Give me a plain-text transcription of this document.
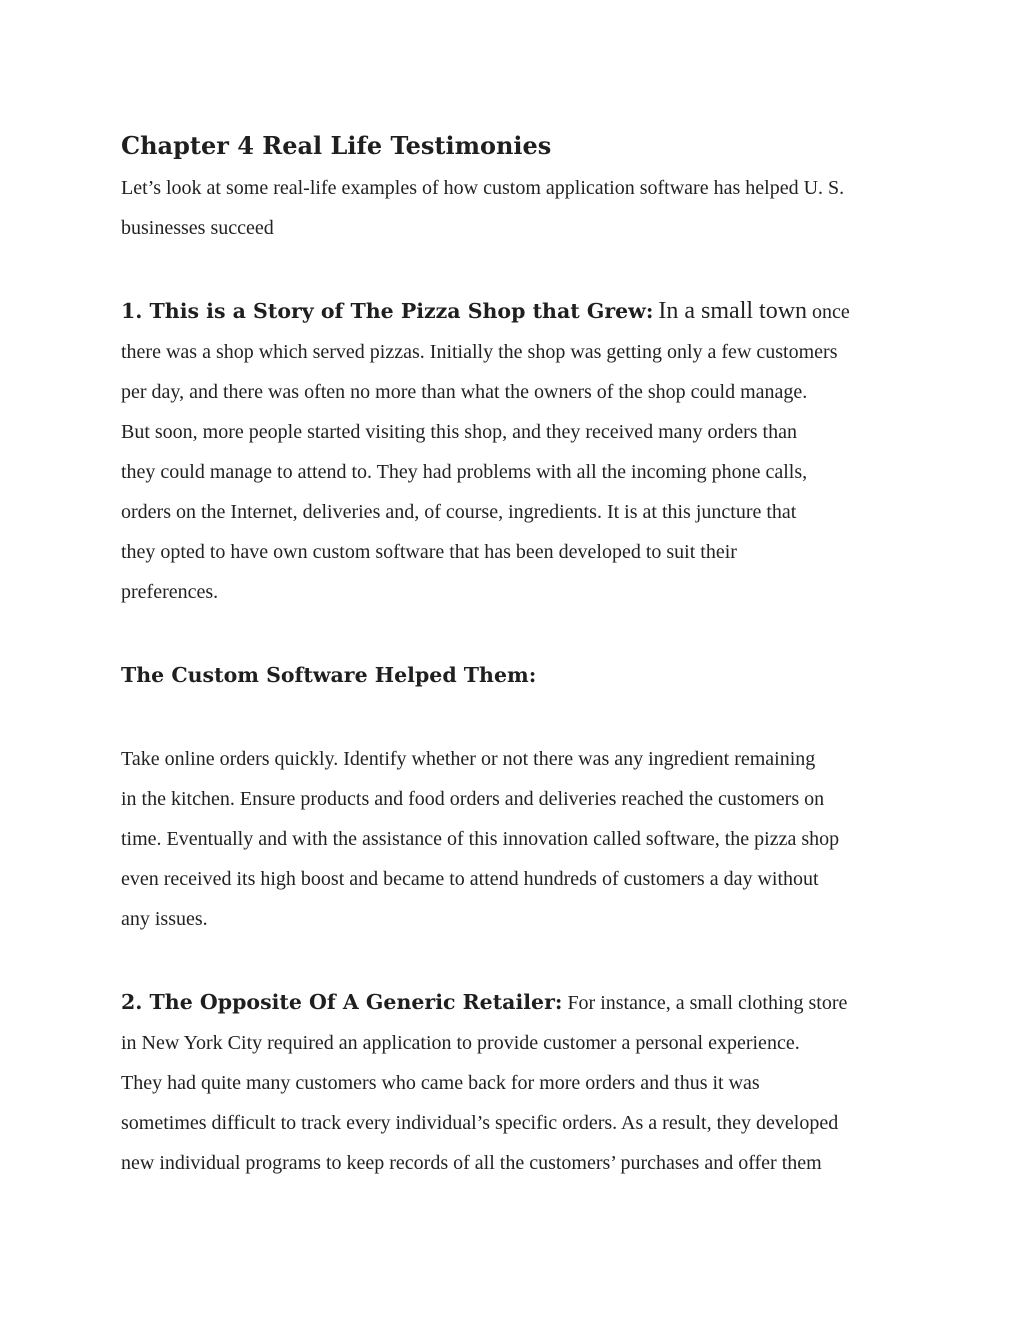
Chapter 4 Real Life Testimonies
Let’s look at some real-life examples of how custom application software has helped U. S.
businesses succeed
1. This is a Story of The Pizza Shop that Grew: In a small town once
there was a shop which served pizzas. Initially the shop was getting only a few customers
per day, and there was often no more than what the owners of the shop could manage.
But soon, more people started visiting this shop, and they received many orders than
they could manage to attend to. They had problems with all the incoming phone calls,
orders on the Internet, deliveries and, of course, ingredients. It is at this juncture that
they opted to have own custom software that has been developed to suit their
preferences.
The Custom Software Helped Them:
Take online orders quickly. Identify whether or not there was any ingredient remaining
in the kitchen. Ensure products and food orders and deliveries reached the customers on
time. Eventually and with the assistance of this innovation called software, the pizza shop
even received its high boost and became to attend hundreds of customers a day without
any issues.
2. The Opposite Of A Generic Retailer: For instance, a small clothing store
in New York City required an application to provide customer a personal experience.
They had quite many customers who came back for more orders and thus it was
sometimes difficult to track every individual’s specific orders. As a result, they developed
new individual programs to keep records of all the customers’ purchases and offer them
